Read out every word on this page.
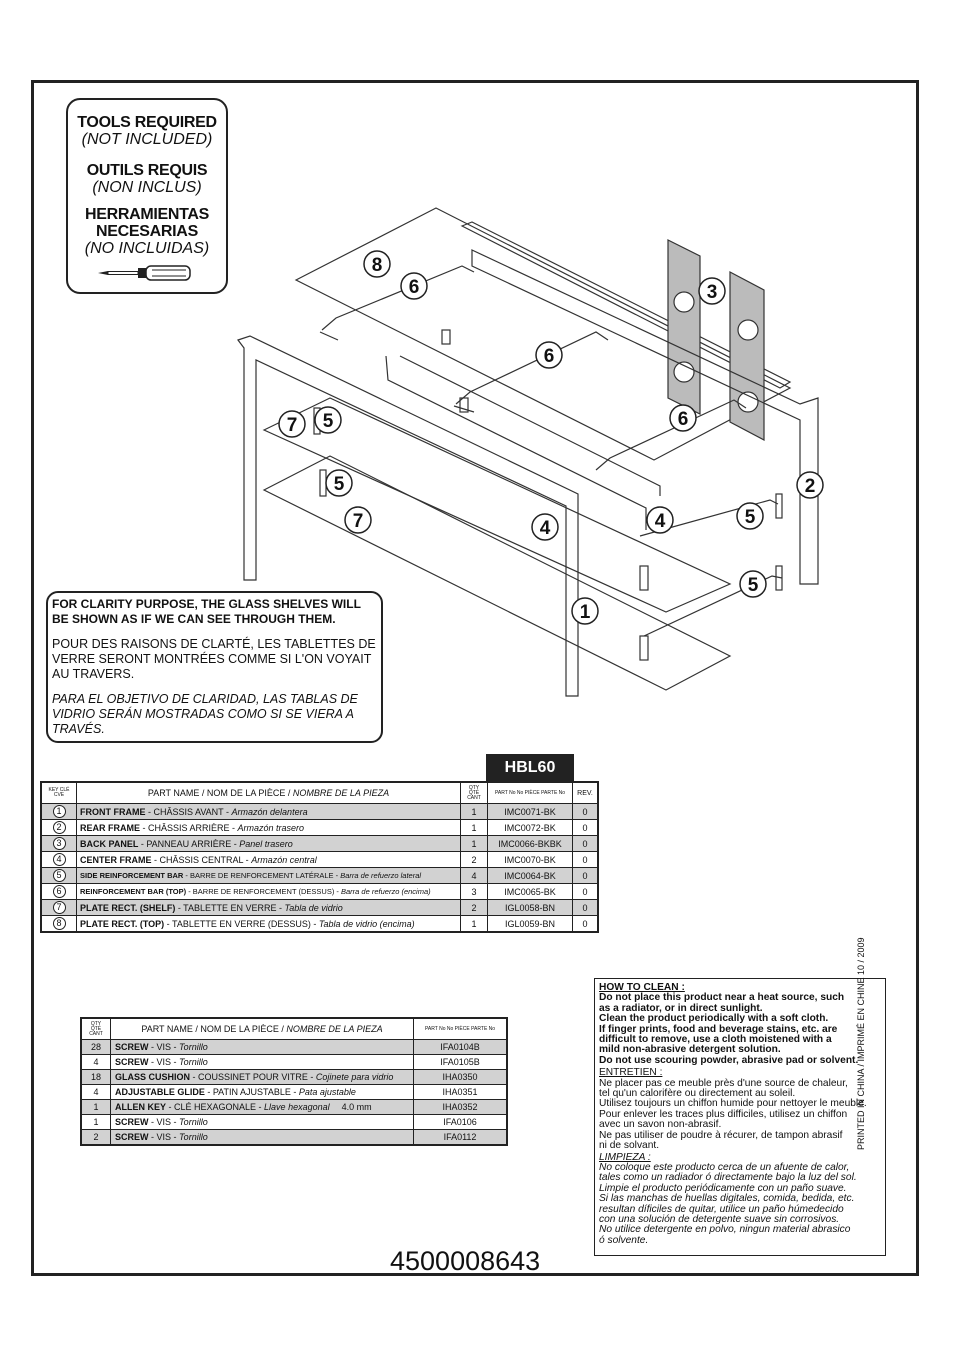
TOOLS REQUIRED
(NOT INCLUDED)
OUTILS REQUIS
(NON INCLUS)
HERRAMIENTAS
NECESARIAS
(NO INCLUIDAS)
8
6	3
6
6
7 5
5	2
7	4	4	5
5
1

FOR CLARITY PURPOSE, THE GLASS SHELVES WILL BE SHOWN AS IF WE CAN SEE THROUGH THEM.

POUR DES RAISONS DE CLARTÉ, LES TABLETTES DE VERRE SERONT MONTRÉES COMME SI L'ON VOYAIT AU TRAVERS.

PARA EL OBJETIVO DE CLARIDAD, LAS TABLAS DE VIDRIO SERÁN MOSTRADAS COMO SI SE VIERA A TRAVÉS.

HBL60
KEY CLÉ CVE	PART NAME / NOM DE LA PIÈCE / NOMBRE DE LA PIEZA	QTY QTÉ CANT	PART No No PIÈCE PARTE No	REV.
1	FRONT FRAME - CHÂSSIS AVANT - Armazón delantera	1	IMC0071-BK	0
2	REAR FRAME - CHÂSSIS ARRIÈRE - Armazón trasero	1	IMC0072-BK	0
3	BACK PANEL - PANNEAU ARRIÈRE - Panel trasero	1	IMC0066-BKBK	0
4	CENTER FRAME - CHÂSSIS CENTRAL - Armazón central	2	IMC0070-BK	0
5	SIDE REINFORCEMENT BAR - BARRE DE RENFORCEMENT LATÉRALE - Barra de refuerzo lateral	4	IMC0064-BK	0
6	REINFORCEMENT BAR (TOP) - BARRE DE RENFORCEMENT (DESSUS) - Barra de refuerzo (encima)	3	IMC0065-BK	0
7	PLATE RECT. (SHELF) - TABLETTE EN VERRE - Tabla de vidrio	2	IGL0058-BN	0
8	PLATE RECT. (TOP) - TABLETTE EN VERRE (DESSUS) - Tabla de vidrio (encima)	1	IGL0059-BN	0
QTY QTÉ CANT	PART NAME / NOM DE LA PIÈCE / NOMBRE DE LA PIEZA	PART No No PIÈCE PARTE No
28	SCREW - VIS - Tornillo	IFA0104B
4	SCREW - VIS - Tornillo	IFA0105B
18	GLASS CUSHION - COUSSINET POUR VITRE - Cojinete para vidrio	IHA0350
4	ADJUSTABLE GLIDE - PATIN AJUSTABLE - Pata ajustable	IHA0351
1	ALLEN KEY - CLÉ HEXAGONALE - Llave hexagonal 4.0 mm	IHA0352
1	SCREW - VIS - Tornillo	IFA0106
2	SCREW - VIS - Tornillo	IFA0112
HOW TO CLEAN :
Do not place this product near a heat source, such
as a radiator, or in direct sunlight.
Clean the product periodically with a soft cloth.
If finger prints, food and beverage stains, etc. are
difficult to remove, use a cloth moistened with a
mild non-abrasive detergent solution.
Do not use scouring powder, abrasive pad or solvent.
ENTRETIEN :
Ne placer pas ce meuble près d'une source de chaleur,
tel qu'un calorifère ou directement au soleil.
Utilisez toujours un chiffon humide pour nettoyer le meuble.
Pour enlever les traces plus difficiles, utilisez un chiffon
avec un savon non-abrasif.
Ne pas utiliser de poudre à récurer, de tampon abrasif
ni de solvant.
LIMPIEZA :
No coloque este producto cerca de un afuente de calor,
tales como un radiador ó directamente bajo la luz del sol.
Limpie el producto periódicamente con un paño suave.
Si las manchas de huellas digitales, comida, bedida, etc.
resultan díficiles de quitar, utilice un paño húmedecido
con una solución de detergente suave sin corrosivos.
No utilice detergente en polvo, ningun material abrasico
ó solvente.
PRINTED IN CHINA / IMPRIMÉ EN CHINE 10 / 2009
4500008643
